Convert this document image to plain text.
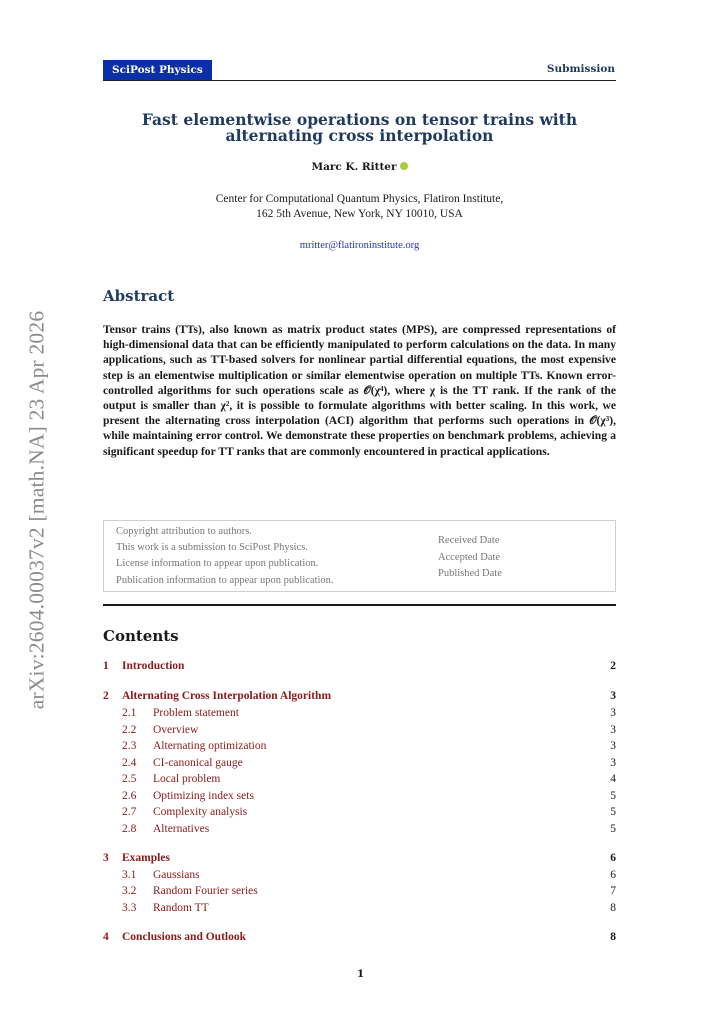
arXiv:2604.00037v2 [math.NA] 23 Apr 2026
SciPost Physics	Submission
Fast elementwise operations on tensor trains with
alternating cross interpolation
Marc K. Ritter
Center for Computational Quantum Physics, Flatiron Institute,
162 5th Avenue, New York, NY 10010, USA
mritter@flatironinstitute.org
Abstract

Tensor trains (TTs), also known as matrix product states (MPS), are compressed representations of high-dimensional data that can be efficiently manipulated to perform calculations on the data. In many applications, such as TT-based solvers for nonlinear partial differential equations, the most expensive step is an elementwise multiplication or similar elementwise operation on multiple TTs. Known error-controlled algorithms for such operations scale as 𝒪(χ⁴), where χ is the TT rank. If the rank of the output is smaller than χ², it is possible to formulate algorithms with better scaling. In this work, we present the alternating cross interpolation (ACI) algorithm that performs such operations in 𝒪(χ³), while maintaining error control. We demonstrate these properties on benchmark problems, achieving a significant speedup for TT ranks that are commonly encountered in practical applications.

Copyright attribution to authors.
This work is a submission to SciPost Physics.
License information to appear upon publication.
Publication information to appear upon publication.
Received Date
Accepted Date
Published Date
Contents
1 Introduction	2
2 Alternating Cross Interpolation Algorithm	3
2.1 Problem statement	3
2.2 Overview	3
2.3 Alternating optimization	3
2.4 CI-canonical gauge	3
2.5 Local problem	4
2.6 Optimizing index sets	5
2.7 Complexity analysis	5
2.8 Alternatives	5
3 Examples	6
3.1 Gaussians	6
3.2 Random Fourier series	7
3.3 Random TT	8
4 Conclusions and Outlook	8
1
